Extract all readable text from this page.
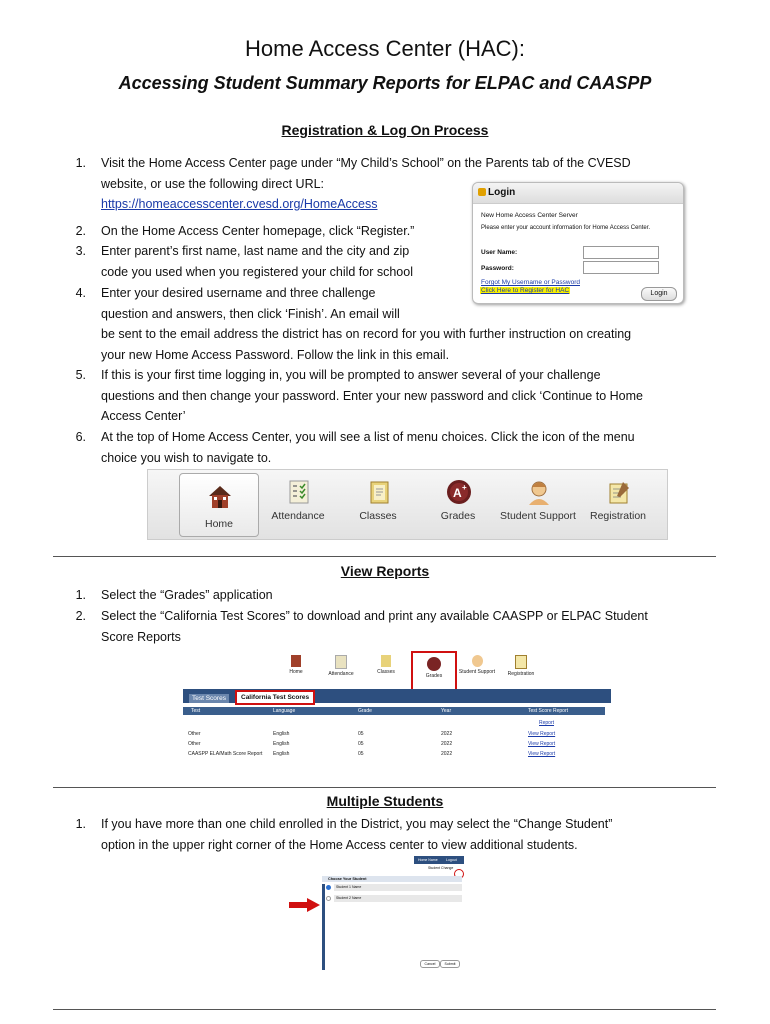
Home Access Center (HAC):
Accessing Student Summary Reports for ELPAC and CAASPP
Registration & Log On Process
1. Visit the Home Access Center page under “My Child’s School” on the Parents tab of the CVESD
website, or use the following direct URL:
https://homeaccesscenter.cvesd.org/HomeAccess
2. On the Home Access Center homepage, click “Register.”
3. Enter parent’s first name, last name and the city and zip
code you used when you registered your child for school
4. Enter your desired username and three challenge
question and answers, then click ‘Finish’. An email will
be sent to the email address the district has on record for you with further instruction on creating
your new Home Access Password. Follow the link in this email.
5. If this is your first time logging in, you will be prompted to answer several of your challenge
questions and then change your password. Enter your new password and click ‘Continue to Home
Access Center’
6. At the top of Home Access Center, you will see a list of menu choices. Click the icon of the menu
choice you wish to navigate to.
Login
New Home Access Center Server
Please enter your account information for Home Access Center.
User Name:
Password:
Forgot My Username or Password
Click Here to Register for HAC	Login
Home
Attendance	Classes
A +
Grades	Student Support	Registration
View Reports
1. Select the “Grades” application
2. Select the “California Test Scores” to download and print any available CAASPP or ELPAC Student
Score Reports
Home	Attendance	Classes
Grades
Student Support	Registration
Test Scores	California Test Scores
Test	Language	Grade	Year	Test Score Report
Report
Other	English	05	2022	View Report
Other	English	05	2022	View Report
CAASPP ELA/Math Score Report English	05	2022	View Report
Multiple Students
1. If you have more than one child enrolled in the District, you may select the “Change Student”
option in the upper right corner of the Home Access center to view additional students.
Home Name Logout
Student Change
Choose Your Student
Student 1 Name
Student 2 Name
Cancel	Submit
